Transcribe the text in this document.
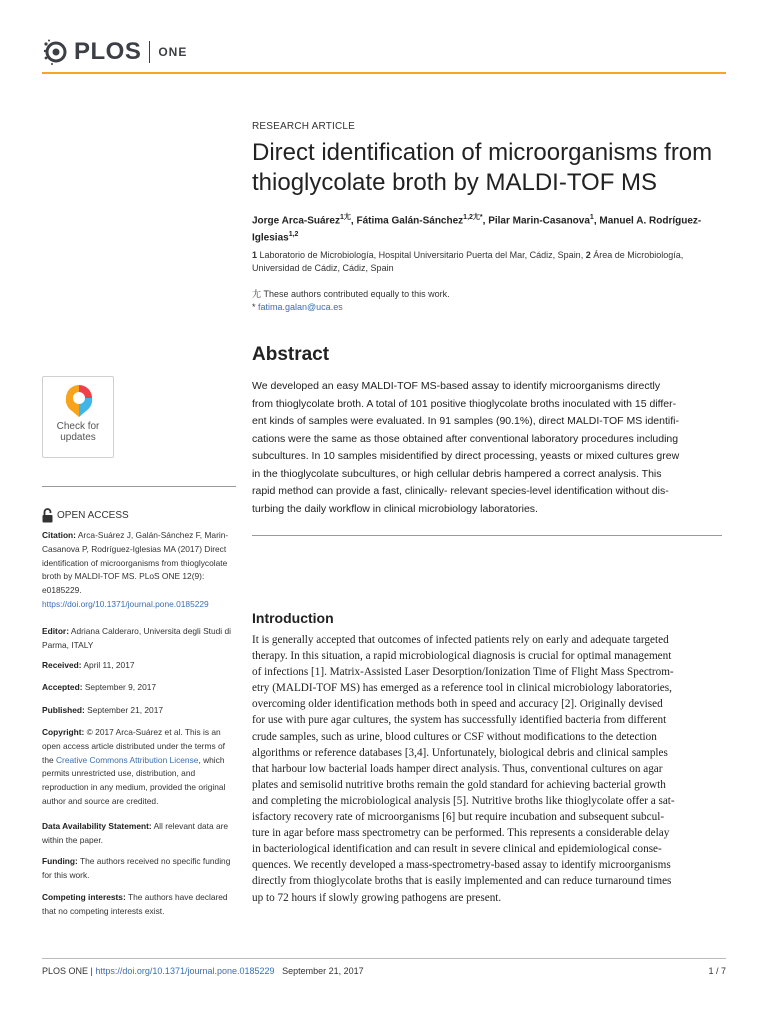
PLOS ONE
RESEARCH ARTICLE
Direct identification of microorganisms from thioglycolate broth by MALDI-TOF MS
Jorge Arca-Suárez$^{1⼪}$, Fátima Galán-Sánchez$^{1,2⼪*}$, Pilar Marin-Casanova$^1$, Manuel A. Rodríguez-Iglesias$^{1,2}$
1 Laboratorio de Microbiología, Hospital Universitario Puerta del Mar, Cádiz, Spain, 2 Área de Microbiología, Universidad de Cádiz, Cádiz, Spain
⼪ These authors contributed equally to this work.
* fatima.galan@uca.es
Abstract
We developed an easy MALDI-TOF MS-based assay to identify microorganisms directly
from thioglycolate broth. A total of 101 positive thioglycolate broths inoculated with 15 differ-
ent kinds of samples were evaluated. In 91 samples (90.1%), direct MALDI-TOF MS identifi-
cations were the same as those obtained after conventional laboratory procedures including
subcultures. In 10 samples misidentified by direct processing, yeasts or mixed cultures grew
in the thioglycolate subcultures, or high cellular debris hampered a correct analysis. This
rapid method can provide a fast, clinically- relevant species-level identification without dis-
turbing the daily workflow in clinical microbiology laboratories.
Introduction
It is generally accepted that outcomes of infected patients rely on early and adequate targeted
therapy. In this situation, a rapid microbiological diagnosis is crucial for optimal management
of infections [1]. Matrix-Assisted Laser Desorption/Ionization Time of Flight Mass Spectrom-
etry (MALDI-TOF MS) has emerged as a reference tool in clinical microbiology laboratories,
overcoming older identification methods both in speed and accuracy [2]. Originally devised
for use with pure agar cultures, the system has successfully identified bacteria from different
crude samples, such as urine, blood cultures or CSF without modifications to the detection
algorithms or reference databases [3,4]. Unfortunately, biological debris and clinical samples
that harbour low bacterial loads hamper direct analysis. Thus, conventional cultures on agar
plates and semisolid nutritive broths remain the gold standard for achieving bacterial growth
and completing the microbiological analysis [5]. Nutritive broths like thioglycolate offer a sat-
isfactory recovery rate of microorganisms [6] but require incubation and subsequent subcul-
ture in agar before mass spectrometry can be performed. This represents a considerable delay
in bacteriological identification and can result in severe clinical and epidemiological conse-
quences. We recently developed a mass-spectrometry-based assay to identify microorganisms
directly from thioglycolate broths that is easily implemented and can reduce turnaround times
up to 72 hours if slowly growing pathogens are present.
Check for
updates
OPEN ACCESS
Citation: Arca-Suárez J, Galán-Sánchez F, Marin-Casanova P, Rodríguez-Iglesias MA (2017) Direct identification of microorganisms from thioglycolate broth by MALDI-TOF MS. PLoS ONE 12(9): e0185229. https://doi.org/10.1371/journal.pone.0185229
Editor: Adriana Calderaro, Universita degli Studi di Parma, ITALY
Received: April 11, 2017
Accepted: September 9, 2017
Published: September 21, 2017
Copyright: © 2017 Arca-Suárez et al. This is an open access article distributed under the terms of the Creative Commons Attribution License, which permits unrestricted use, distribution, and reproduction in any medium, provided the original author and source are credited.
Data Availability Statement: All relevant data are within the paper.
Funding: The authors received no specific funding for this work.
Competing interests: The authors have declared that no competing interests exist.
PLOS ONE | https://doi.org/10.1371/journal.pone.0185229 September 21, 2017	1 / 7
